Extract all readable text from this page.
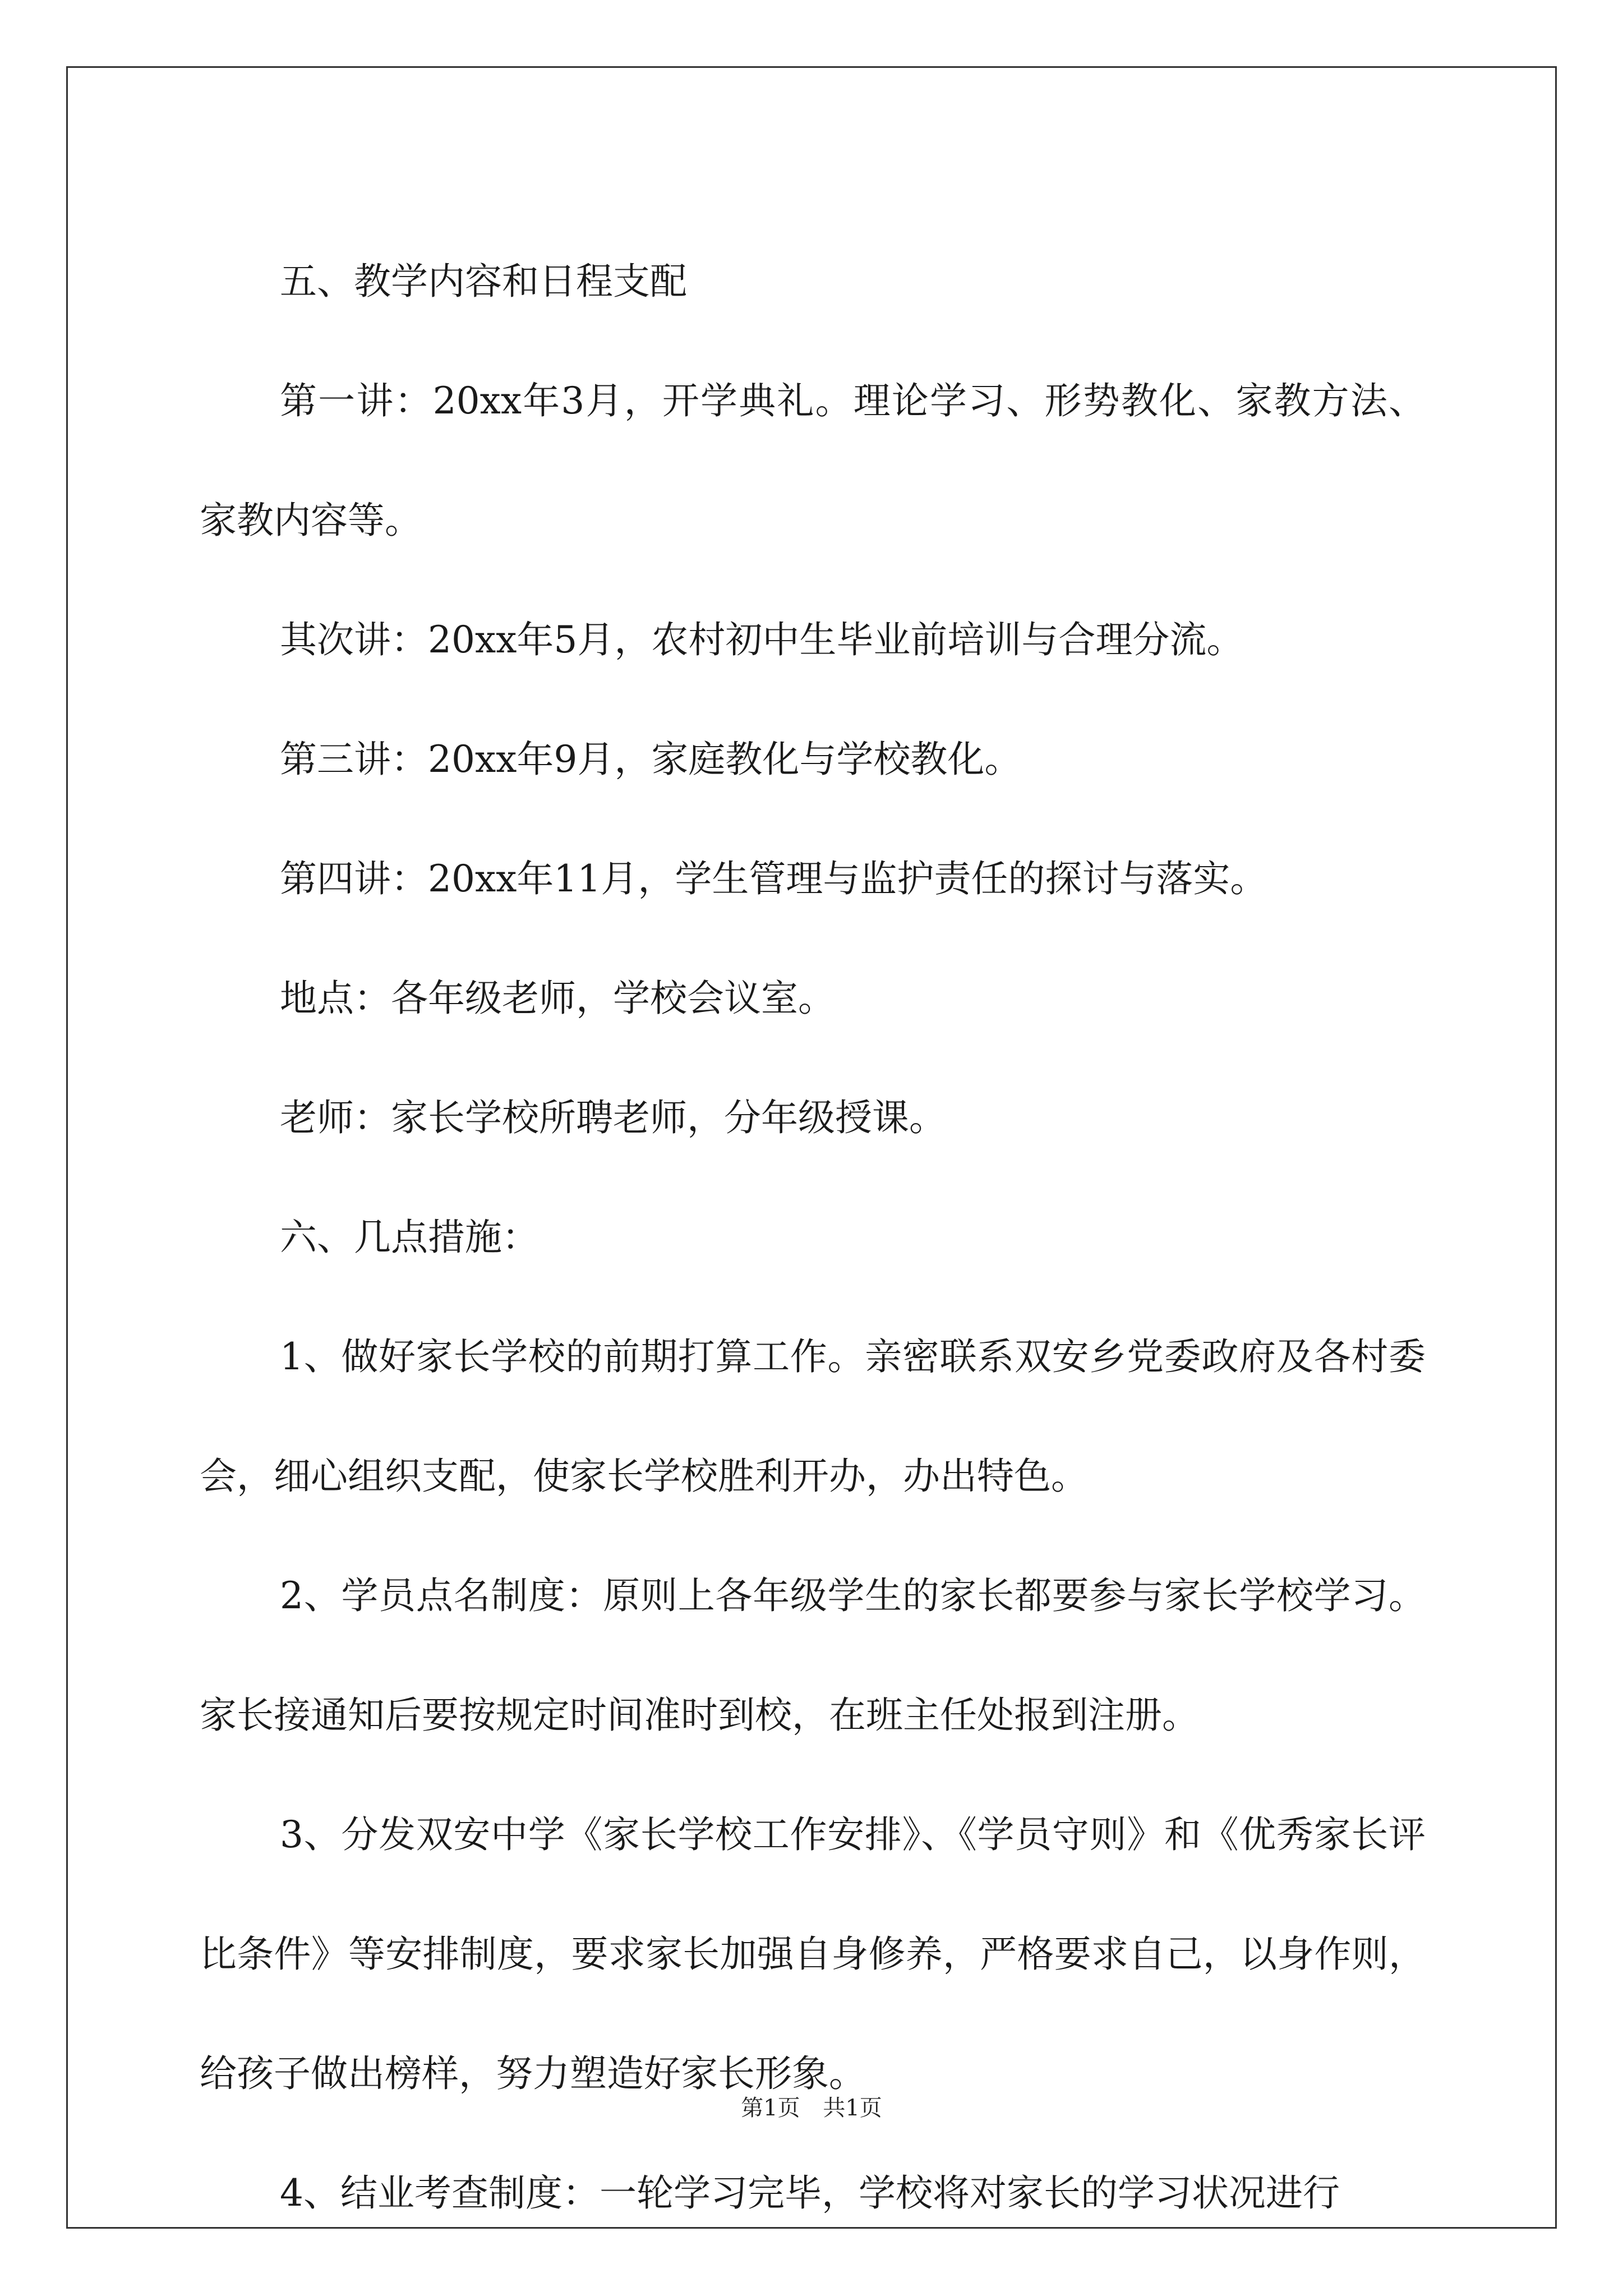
五、教学内容和日程支配

第一讲：20xx年3月，开学典礼。理论学习、形势教化、家教方法、家教内容等。

其次讲：20xx年5月，农村初中生毕业前培训与合理分流。

第三讲：20xx年9月，家庭教化与学校教化。

第四讲：20xx年11月，学生管理与监护责任的探讨与落实。

地点：各年级老师，学校会议室。

老师：家长学校所聘老师，分年级授课。

六、几点措施：

1、做好家长学校的前期打算工作。亲密联系双安乡党委政府及各村委会，细心组织支配，使家长学校胜利开办，办出特色。

2、学员点名制度：原则上各年级学生的家长都要参与家长学校学习。家长接通知后要按规定时间准时到校，在班主任处报到注册。

3、分发双安中学《家长学校工作安排》、《学员守则》和《优秀家长评比条件》等安排制度，要求家长加强自身修养，严格要求自己，以身作则，给孩子做出榜样，努力塑造好家长形象。

4、结业考查制度：一轮学习完毕，学校将对家长的学习状况进行

第1页 共1页
